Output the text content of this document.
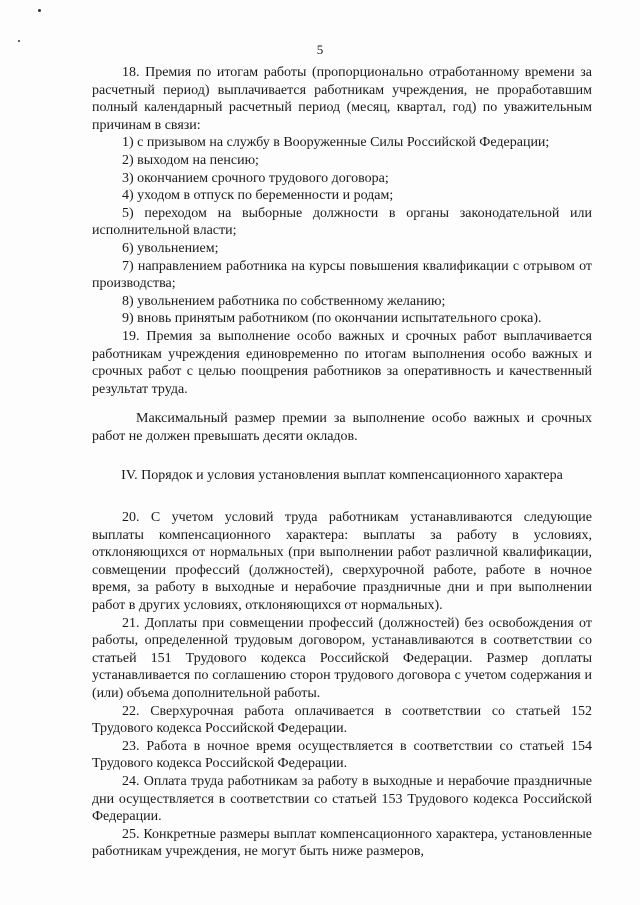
5

18. Премия по итогам работы (пропорционально отработанному времени за расчетный период) выплачивается работникам учреждения, не проработавшим полный календарный расчетный период (месяц, квартал, год) по уважительным причинам в связи:

1) с призывом на службу в Вооруженные Силы Российской Федерации;

2) выходом на пенсию;

3) окончанием срочного трудового договора;

4) уходом в отпуск по беременности и родам;

5) переходом на выборные должности в органы законодательной или исполнительной власти;

6) увольнением;

7) направлением работника на курсы повышения квалификации с отрывом от производства;

8) увольнением работника по собственному желанию;

9) вновь принятым работником (по окончании испытательного срока).

19. Премия за выполнение особо важных и срочных работ выплачивается работникам учреждения единовременно по итогам выполнения особо важных и срочных работ с целью поощрения работников за оперативность и качественный результат труда.

Максимальный размер премии за выполнение особо важных и срочных работ не должен превышать десяти окладов.

IV. Порядок и условия установления выплат компенсационного характера

20. С учетом условий труда работникам устанавливаются следующие выплаты компенсационного характера: выплаты за работу в условиях, отклоняющихся от нормальных (при выполнении работ различной квалификации, совмещении профессий (должностей), сверхурочной работе, работе в ночное время, за работу в выходные и нерабочие праздничные дни и при выполнении работ в других условиях, отклоняющихся от нормальных).

21. Доплаты при совмещении профессий (должностей) без освобождения от работы, определенной трудовым договором, устанавливаются в соответствии со статьей 151 Трудового кодекса Российской Федерации. Размер доплаты устанавливается по соглашению сторон трудового договора с учетом содержания и (или) объема дополнительной работы.

22. Сверхурочная работа оплачивается в соответствии со статьей 152 Трудового кодекса Российской Федерации.

23. Работа в ночное время осуществляется в соответствии со статьей 154 Трудового кодекса Российской Федерации.

24. Оплата труда работникам за работу в выходные и нерабочие праздничные дни осуществляется в соответствии со статьей 153 Трудового кодекса Российской Федерации.

25. Конкретные размеры выплат компенсационного характера, установленные работникам учреждения, не могут быть ниже размеров,
